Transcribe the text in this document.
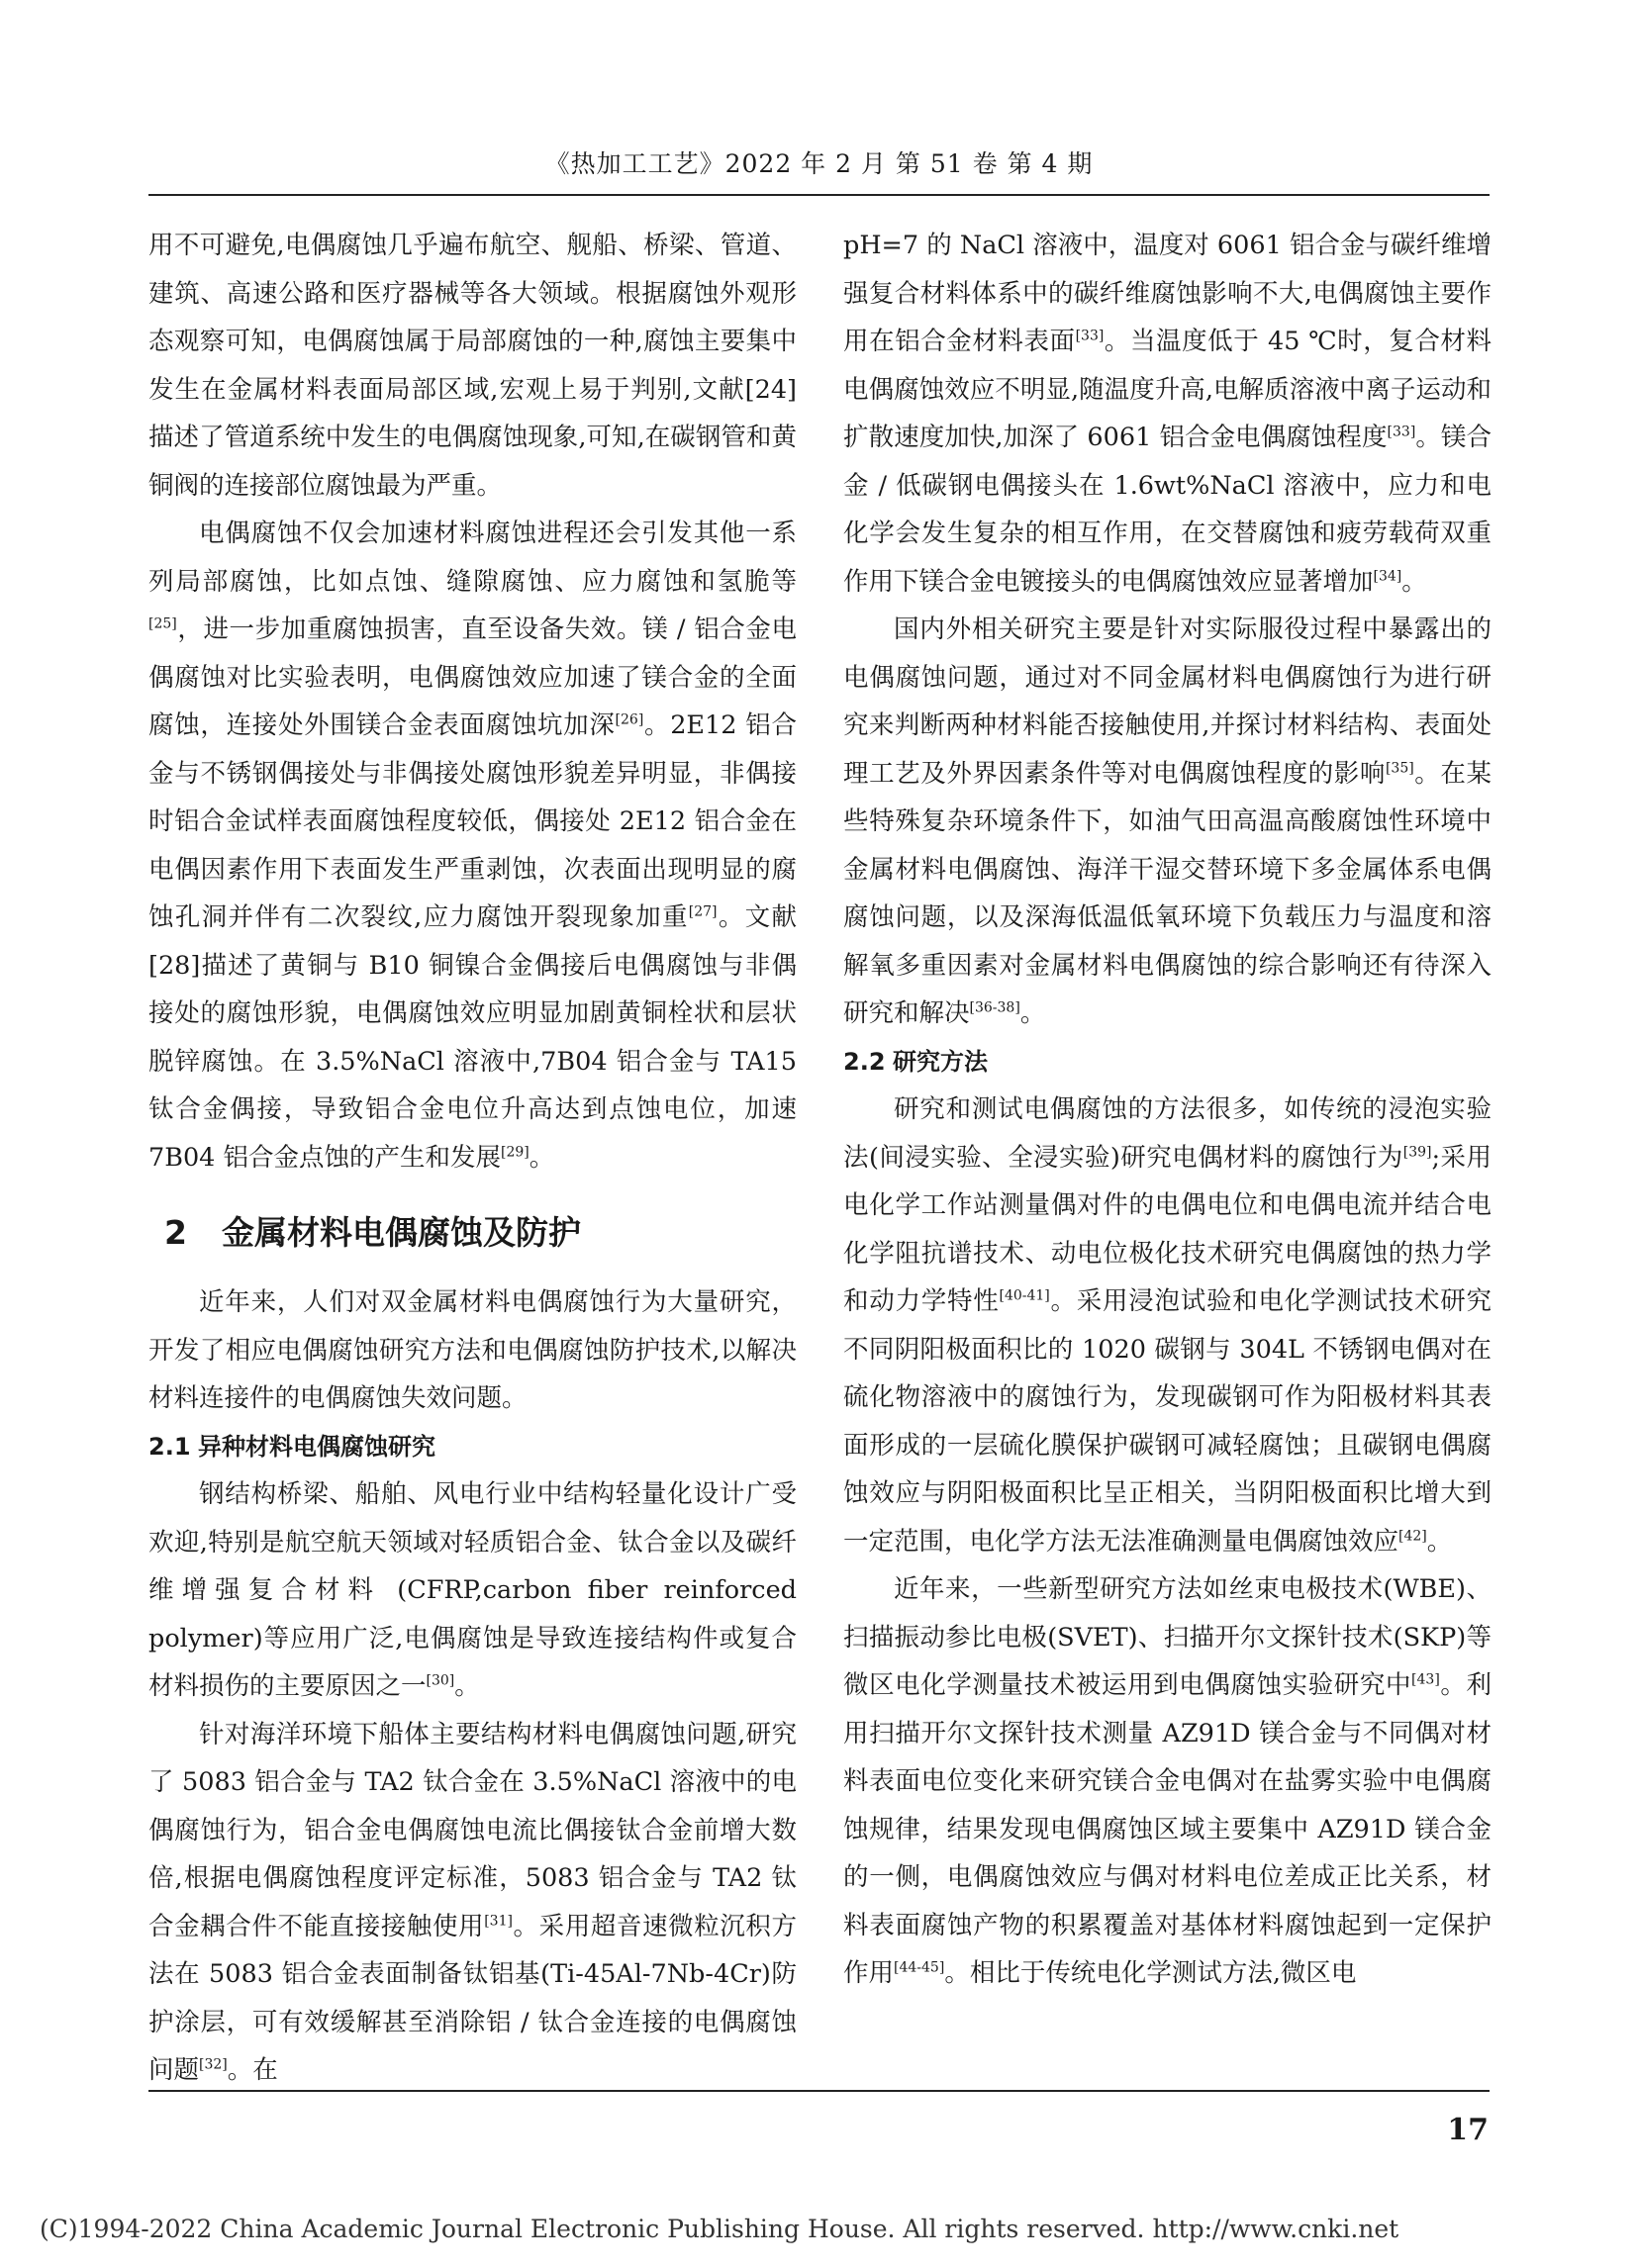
《热加工工艺》2022 年 2 月 第 51 卷 第 4 期

用不可避免,电偶腐蚀几乎遍布航空、舰船、桥梁、管道、建筑、高速公路和医疗器械等各大领域。根据腐蚀外观形态观察可知，电偶腐蚀属于局部腐蚀的一种,腐蚀主要集中发生在金属材料表面局部区域,宏观上易于判别,文献[24]描述了管道系统中发生的电偶腐蚀现象,可知,在碳钢管和黄铜阀的连接部位腐蚀最为严重。

电偶腐蚀不仅会加速材料腐蚀进程还会引发其他一系列局部腐蚀，比如点蚀、缝隙腐蚀、应力腐蚀和氢脆等[25]，进一步加重腐蚀损害，直至设备失效。镁 / 铝合金电偶腐蚀对比实验表明，电偶腐蚀效应加速了镁合金的全面腐蚀，连接处外围镁合金表面腐蚀坑加深[26]。2E12 铝合金与不锈钢偶接处与非偶接处腐蚀形貌差异明显，非偶接时铝合金试样表面腐蚀程度较低，偶接处 2E12 铝合金在电偶因素作用下表面发生严重剥蚀，次表面出现明显的腐蚀孔洞并伴有二次裂纹,应力腐蚀开裂现象加重[27]。文献[28]描述了黄铜与 B10 铜镍合金偶接后电偶腐蚀与非偶接处的腐蚀形貌，电偶腐蚀效应明显加剧黄铜栓状和层状脱锌腐蚀。在 3.5%NaCl 溶液中,7B04 铝合金与 TA15 钛合金偶接，导致铝合金电位升高达到点蚀电位，加速 7B04 铝合金点蚀的产生和发展[29]。

2 金属材料电偶腐蚀及防护

近年来，人们对双金属材料电偶腐蚀行为大量研究，开发了相应电偶腐蚀研究方法和电偶腐蚀防护技术,以解决材料连接件的电偶腐蚀失效问题。

2.1 异种材料电偶腐蚀研究

钢结构桥梁、船舶、风电行业中结构轻量化设计广受欢迎,特别是航空航天领域对轻质铝合金、钛合金以及碳纤维增强复合材料 (CFRP,carbon fiber reinforced polymer)等应用广泛,电偶腐蚀是导致连接结构件或复合材料损伤的主要原因之一[30]。

针对海洋环境下船体主要结构材料电偶腐蚀问题,研究了 5083 铝合金与 TA2 钛合金在 3.5%NaCl 溶液中的电偶腐蚀行为，铝合金电偶腐蚀电流比偶接钛合金前增大数倍,根据电偶腐蚀程度评定标准，5083 铝合金与 TA2 钛合金耦合件不能直接接触使用[31]。采用超音速微粒沉积方法在 5083 铝合金表面制备钛铝基(Ti-45Al-7Nb-4Cr)防护涂层，可有效缓解甚至消除铝 / 钛合金连接的电偶腐蚀问题[32]。在

pH=7 的 NaCl 溶液中，温度对 6061 铝合金与碳纤维增强复合材料体系中的碳纤维腐蚀影响不大,电偶腐蚀主要作用在铝合金材料表面[33]。当温度低于 45 ℃时，复合材料电偶腐蚀效应不明显,随温度升高,电解质溶液中离子运动和扩散速度加快,加深了 6061 铝合金电偶腐蚀程度[33]。镁合金 / 低碳钢电偶接头在 1.6wt%NaCl 溶液中，应力和电化学会发生复杂的相互作用，在交替腐蚀和疲劳载荷双重作用下镁合金电镀接头的电偶腐蚀效应显著增加[34]。

国内外相关研究主要是针对实际服役过程中暴露出的电偶腐蚀问题，通过对不同金属材料电偶腐蚀行为进行研究来判断两种材料能否接触使用,并探讨材料结构、表面处理工艺及外界因素条件等对电偶腐蚀程度的影响[35]。在某些特殊复杂环境条件下，如油气田高温高酸腐蚀性环境中金属材料电偶腐蚀、海洋干湿交替环境下多金属体系电偶腐蚀问题，以及深海低温低氧环境下负载压力与温度和溶解氧多重因素对金属材料电偶腐蚀的综合影响还有待深入研究和解决[36-38]。

2.2 研究方法

研究和测试电偶腐蚀的方法很多，如传统的浸泡实验法(间浸实验、全浸实验)研究电偶材料的腐蚀行为[39];采用电化学工作站测量偶对件的电偶电位和电偶电流并结合电化学阻抗谱技术、动电位极化技术研究电偶腐蚀的热力学和动力学特性[40-41]。采用浸泡试验和电化学测试技术研究不同阴阳极面积比的 1020 碳钢与 304L 不锈钢电偶对在硫化物溶液中的腐蚀行为，发现碳钢可作为阳极材料其表面形成的一层硫化膜保护碳钢可减轻腐蚀；且碳钢电偶腐蚀效应与阴阳极面积比呈正相关，当阴阳极面积比增大到一定范围，电化学方法无法准确测量电偶腐蚀效应[42]。

近年来，一些新型研究方法如丝束电极技术(WBE)、扫描振动参比电极(SVET)、扫描开尔文探针技术(SKP)等微区电化学测量技术被运用到电偶腐蚀实验研究中[43]。利用扫描开尔文探针技术测量 AZ91D 镁合金与不同偶对材料表面电位变化来研究镁合金电偶对在盐雾实验中电偶腐蚀规律，结果发现电偶腐蚀区域主要集中 AZ91D 镁合金的一侧，电偶腐蚀效应与偶对材料电位差成正比关系，材料表面腐蚀产物的积累覆盖对基体材料腐蚀起到一定保护作用[44-45]。相比于传统电化学测试方法,微区电

17
(C)1994-2022 China Academic Journal Electronic Publishing House. All rights reserved. http://www.cnki.net
